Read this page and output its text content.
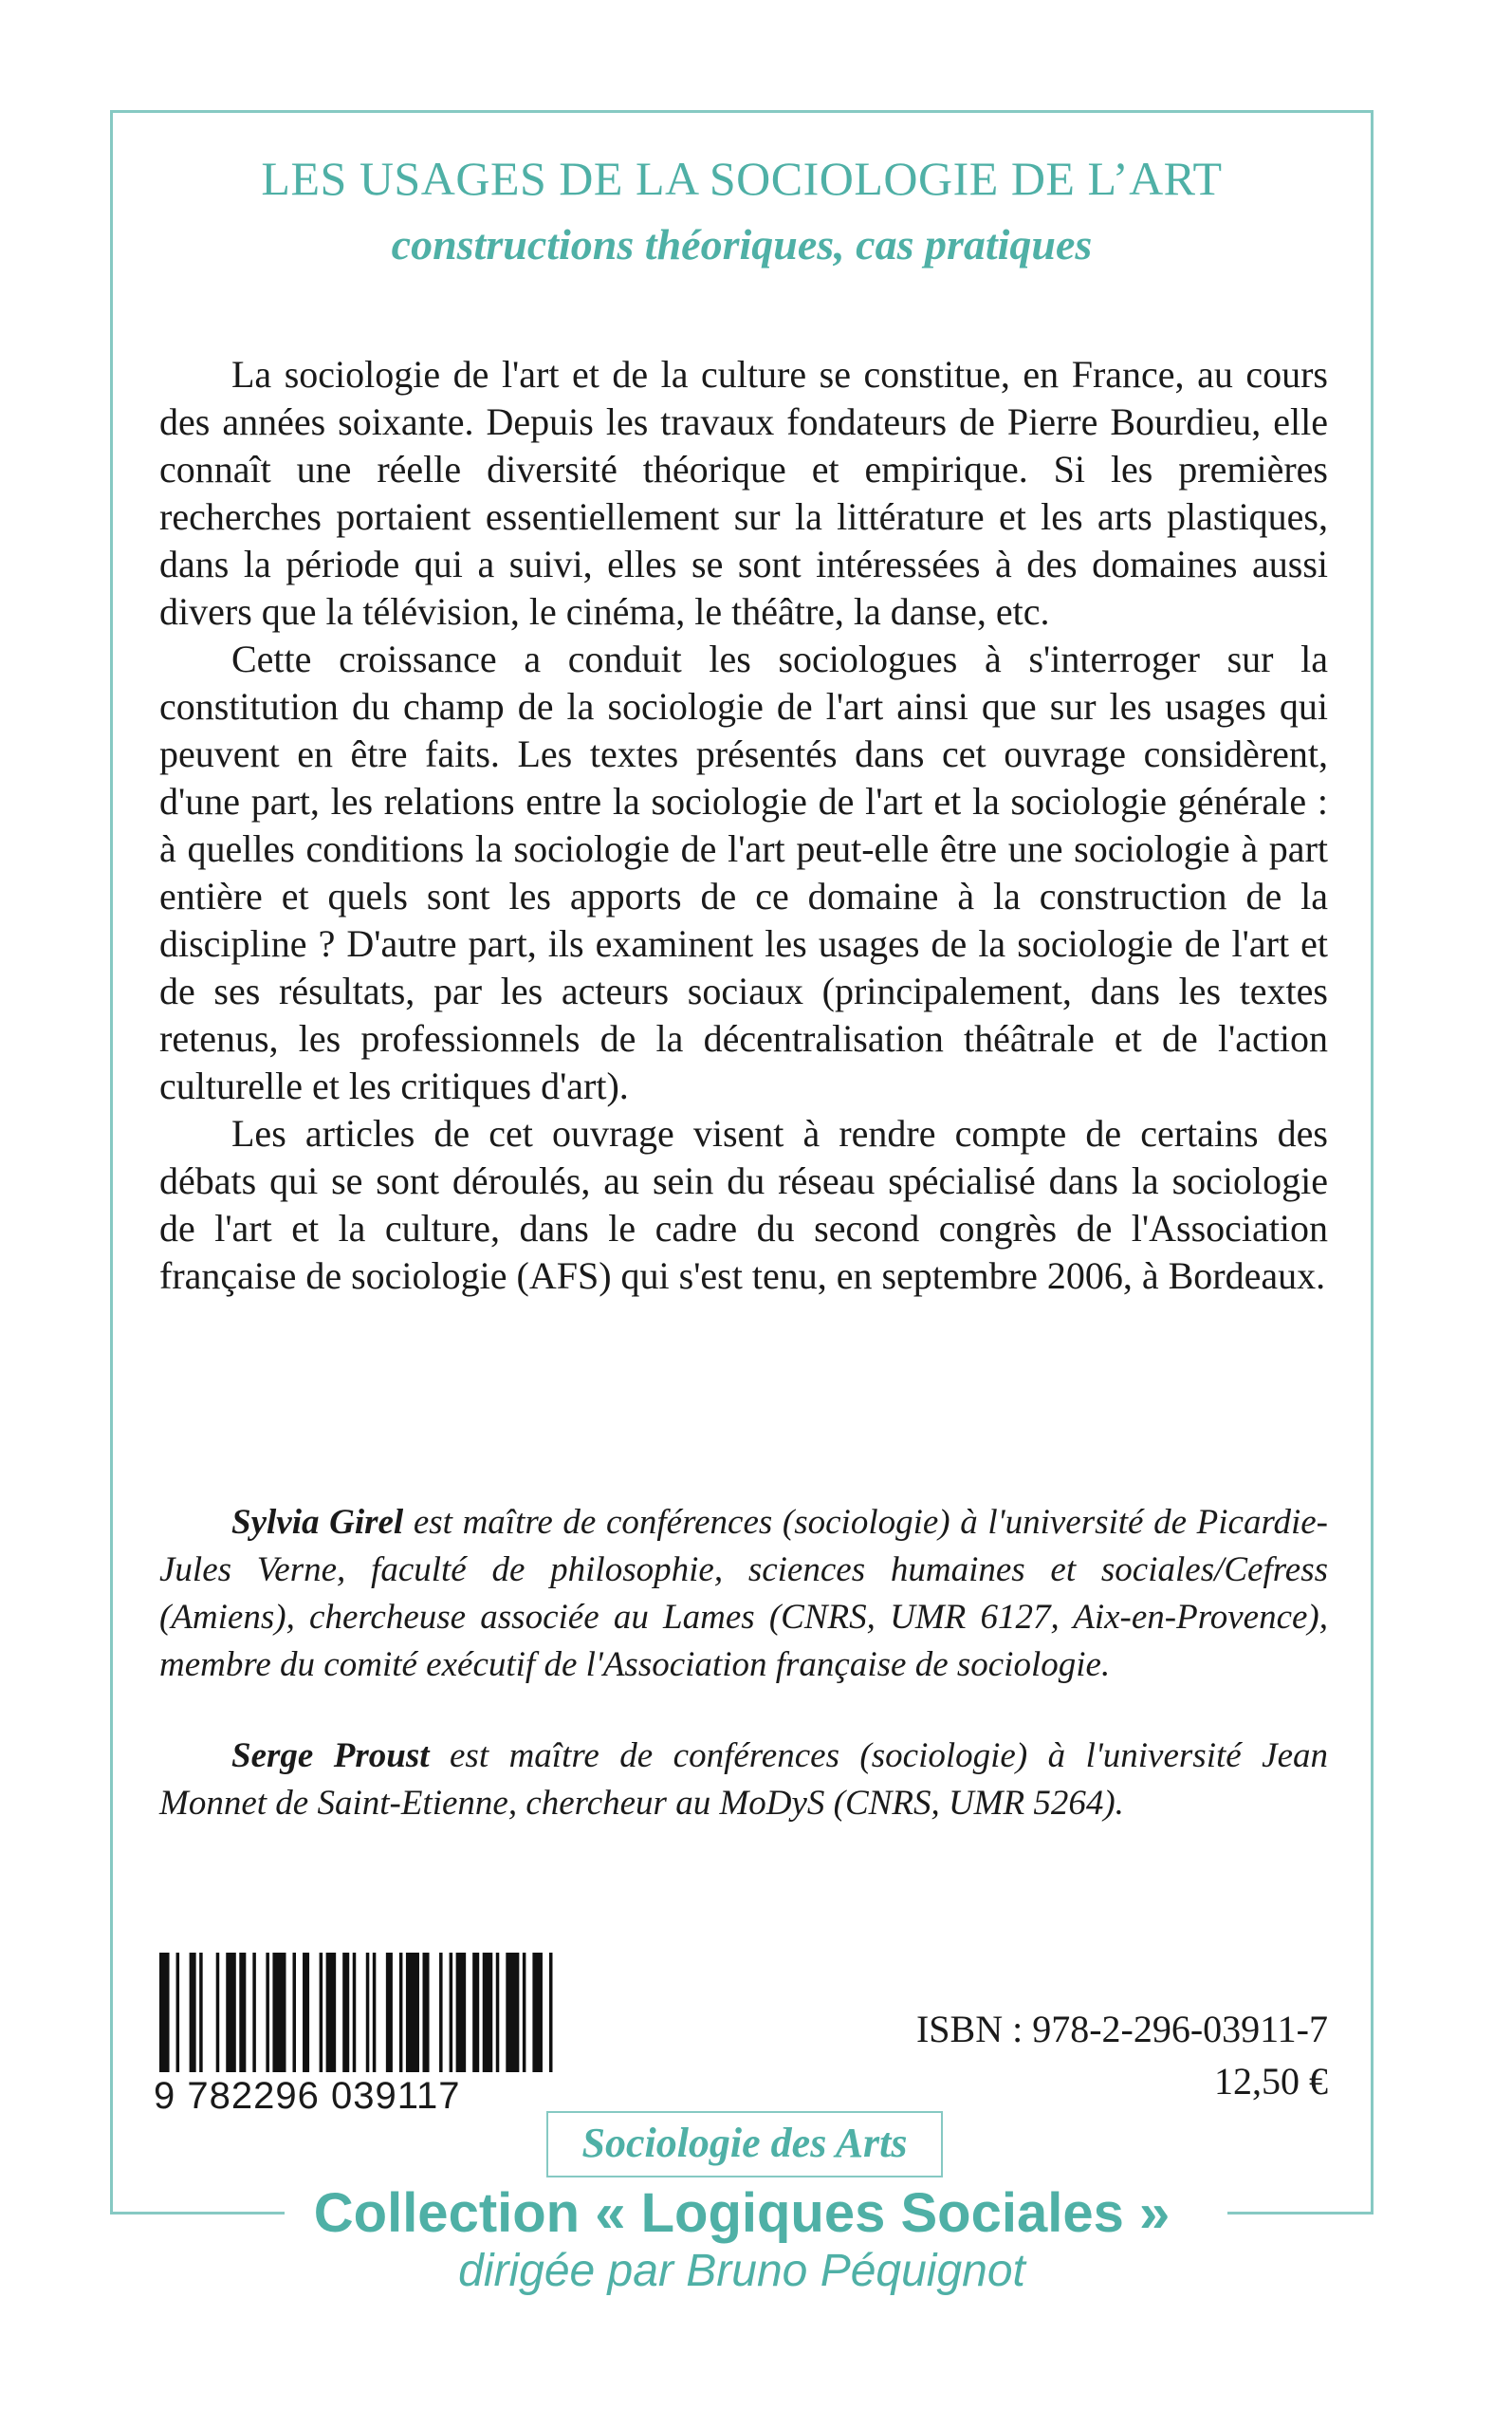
LES USAGES DE LA SOCIOLOGIE DE L’ART
constructions théoriques, cas pratiques

La sociologie de l'art et de la culture se constitue, en France, au cours des années soixante. Depuis les travaux fondateurs de Pierre Bourdieu, elle connaît une réelle diversité théorique et empirique. Si les premières recherches portaient essentiellement sur la littérature et les arts plastiques, dans la période qui a suivi, elles se sont intéressées à des domaines aussi divers que la télévision, le cinéma, le théâtre, la danse, etc.

Cette croissance a conduit les sociologues à s'interroger sur la constitution du champ de la sociologie de l'art ainsi que sur les usages qui peuvent en être faits. Les textes présentés dans cet ouvrage considèrent, d'une part, les relations entre la sociologie de l'art et la sociologie générale : à quelles conditions la sociologie de l'art peut-elle être une sociologie à part entière et quels sont les apports de ce domaine à la construction de la discipline ? D'autre part, ils examinent les usages de la sociologie de l'art et de ses résultats, par les acteurs sociaux (principalement, dans les textes retenus, les professionnels de la décentralisation théâtrale et de l'action culturelle et les critiques d'art).

Les articles de cet ouvrage visent à rendre compte de certains des débats qui se sont déroulés, au sein du réseau spécialisé dans la sociologie de l'art et la culture, dans le cadre du second congrès de l'Association française de sociologie (AFS) qui s'est tenu, en septembre 2006, à Bordeaux.

Sylvia Girel est maître de conférences (sociologie) à l'université de Picardie-Jules Verne, faculté de philosophie, sciences humaines et sociales/Cefress (Amiens), chercheuse associée au Lames (CNRS, UMR 6127, Aix-en-Provence), membre du comité exécutif de l'Association française de sociologie.

Serge Proust est maître de conférences (sociologie) à l'université Jean Monnet de Saint-Etienne, chercheur au MoDyS (CNRS, UMR 5264).

9 782296 039117
ISBN : 978-2-296-03911-7
12,50 €
Sociologie des Arts
Collection « Logiques Sociales »
dirigée par Bruno Péquignot
